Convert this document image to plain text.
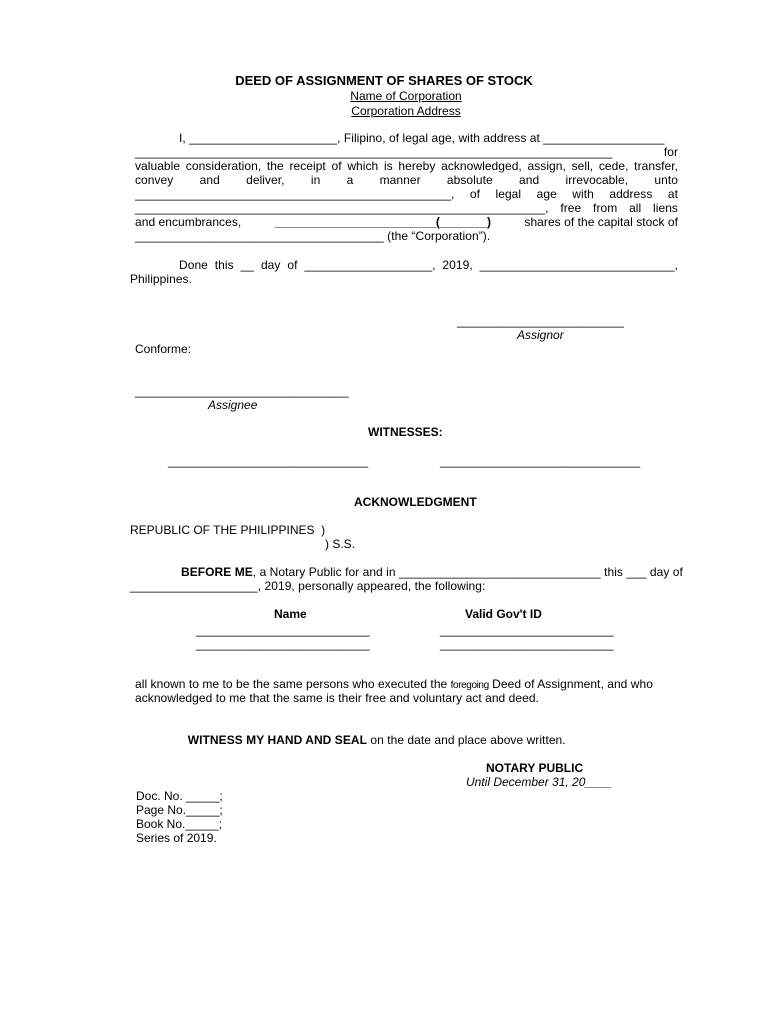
DEED OF ASSIGNMENT OF SHARES OF STOCK
Name of Corporation
Corporation Address
I, ______________________, Filipino, of legal age, with address at __________________
_______________________________________________________________________ for
valuable consideration, the receipt of which is hereby acknowledged, assign, sell, cede, transfer,
convey and deliver, in a manner absolute and irrevocable, unto
_______________________________________________, of legal age with address at
_____________________________________________________________, free from all liens
and encumbrances, ________________________(_______) shares of the capital stock of
_____________________________________ (the “Corporation”).
Done this __ day of ___________________, 2019, _____________________________,
Philippines.
_________________________
Assignor
Conforme:
________________________________
Assignee
WITNESSES:
______________________________	______________________________
ACKNOWLEDGMENT
REPUBLIC OF THE PHILIPPINES  )
) S.S.
BEFORE ME , a Notary Public for and in ______________________________ this ___ day of
___________________, 2019, personally appeared, the following:
Name	Valid Gov't ID
__________________________	__________________________
__________________________	__________________________
all known to me to be the same persons who executed the foregoing Deed of Assignment, and who
acknowledged to me that the same is their free and voluntary act and deed.

WITNESS MY HAND AND SEAL on the date and place above written.

NOTARY PUBLIC
Until December 31, 20____
Doc. No. _____;
Page No._____;
Book No._____;
Series of 2019.
